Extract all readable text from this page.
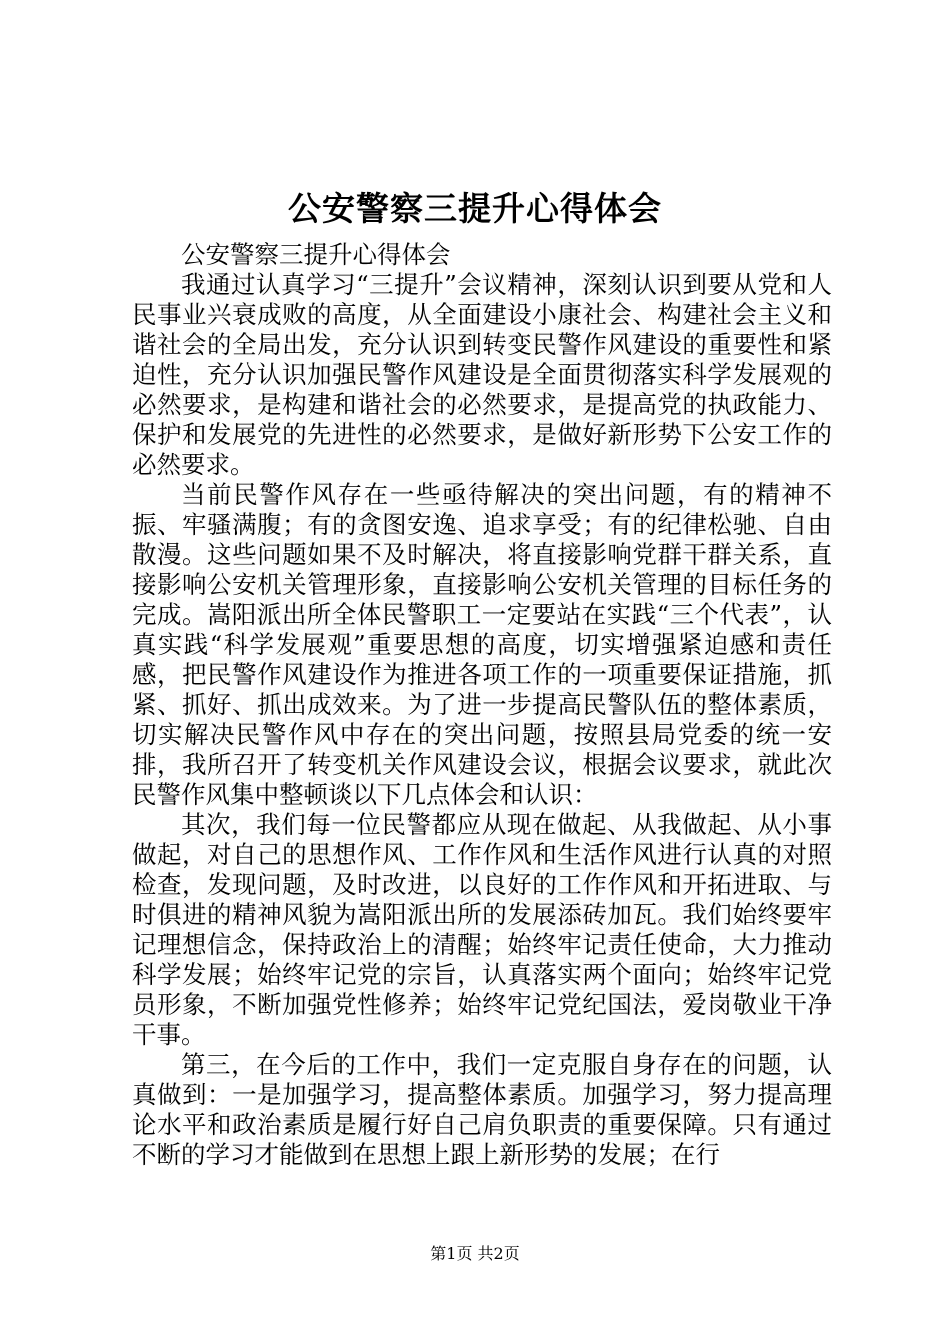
公安警察三提升心得体会

公安警察三提升心得体会

我通过认真学习“三提升”会议精神，深刻认识到要从党和人民事业兴衰成败的高度，从全面建设小康社会、构建社会主义和谐社会的全局出发，充分认识到转变民警作风建设的重要性和紧迫性，充分认识加强民警作风建设是全面贯彻落实科学发展观的必然要求，是构建和谐社会的必然要求，是提高党的执政能力、保护和发展党的先进性的必然要求，是做好新形势下公安工作的必然要求。

当前民警作风存在一些亟待解决的突出问题，有的精神不振、牢骚满腹；有的贪图安逸、追求享受；有的纪律松驰、自由散漫。这些问题如果不及时解决，将直接影响党群干群关系，直接影响公安机关管理形象，直接影响公安机关管理的目标任务的完成。嵩阳派出所全体民警职工一定要站在实践“三个代表”，认真实践“科学发展观”重要思想的高度，切实增强紧迫感和责任感，把民警作风建设作为推进各项工作的一项重要保证措施，抓紧、抓好、抓出成效来。为了进一步提高民警队伍的整体素质，切实解决民警作风中存在的突出问题，按照县局党委的统一安排，我所召开了转变机关作风建设会议，根据会议要求，就此次民警作风集中整顿谈以下几点体会和认识：

其次，我们每一位民警都应从现在做起、从我做起、从小事做起，对自己的思想作风、工作作风和生活作风进行认真的对照检查，发现问题，及时改进，以良好的工作作风和开拓进取、与时俱进的精神风貌为嵩阳派出所的发展添砖加瓦。我们始终要牢记理想信念，保持政治上的清醒；始终牢记责任使命，大力推动科学发展；始终牢记党的宗旨，认真落实两个面向；始终牢记党员形象，不断加强党性修养；始终牢记党纪国法，爱岗敬业干净干事。

第三，在今后的工作中，我们一定克服自身存在的问题，认真做到：一是加强学习，提高整体素质。加强学习，努力提高理论水平和政治素质是履行好自己肩负职责的重要保障。只有通过不断的学习才能做到在思想上跟上新形势的发展；在行

第1页 共2页
